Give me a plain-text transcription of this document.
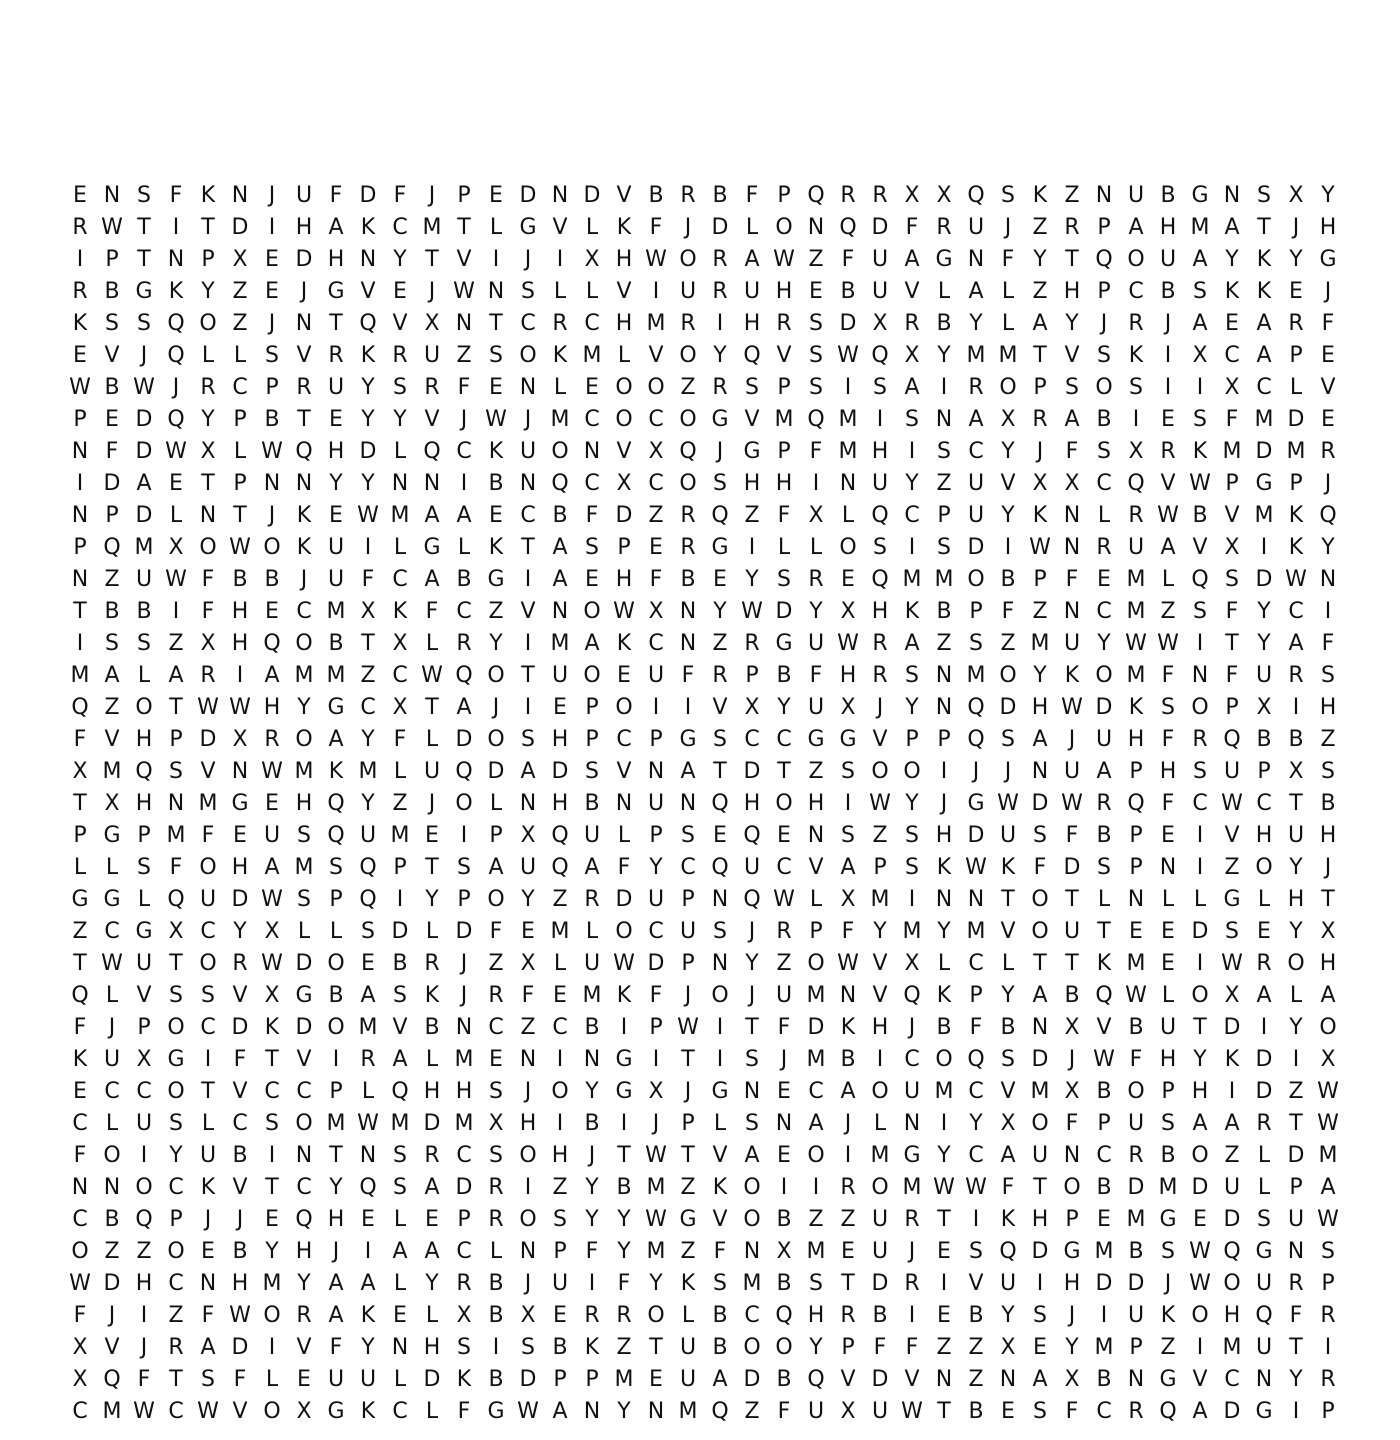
E N S F K N J U F D F	J	P E D N D V B R B F P Q R R X X Q S K Z N U B G N S X Y
R W T	I	T D I H A K C M T L G V L K F	J D L O N Q D F R U J Z R P A H M A T	J H
I	P T N P X E D H N Y T V I	J	I X H W O R A W Z F U A G N F Y T Q O U A Y K Y G
R B G K Y Z E J G V E J W N S L L V I U R U H E B U V L A L Z H P C B S K K E J
K S S Q O Z J N T Q V X N T C R C H M R I H R S D X R B Y L A Y	J R J A E A R F
E V J Q L L S V R K R U Z S O K M L V O Y Q V S W Q X Y M M T V S K I X C A P E
W B W J R C P R U Y S R F E N L E O O Z R S P S I S A I R O P S O S I	I X C L V
P E D Q Y P B T E Y Y V J W J M C O C O G V M Q M I S N A X R A B I E S F M D E
N F D W X L W Q H D L Q C K U O N V X Q J G P F M H I S C Y	J	F S X R K M D M R
I D A E T P N N Y Y N N I B N Q C X C O S H H I N U Y Z U V X X C Q V W P G P	J
N P D L N T	J K E W M A A E C B F D Z R Q Z F X L Q C P U Y K N L R W B V M K Q
P Q M X O W O K U I	L G L K T A S P E R G I	L L O S I S D I W N R U A V X I K Y
N Z U W F B B J U F C A B G I A E H F B E Y S R E Q M M O B P F E M L Q S D W N
T B B I	F H E C M X K F C Z V N O W X N Y W D Y X H K B P F Z N C M Z S F Y C I
I S S Z X H Q O B T X L R Y	I M A K C N Z R G U W R A Z S Z M U Y W W I	T Y A F
M A L A R I A M M Z C W Q O T U O E U F R P B F H R S N M O Y K O M F N F U R S
Q Z O T W W H Y G C X T A J	I E P O I	I V X Y U X J	Y N Q D H W D K S O P X I H
F V H P D X R O A Y F L D O S H P C P G S C C G G V P P Q S A J U H F R Q B B Z
X M Q S V N W M K M L U Q D A D S V N A T D T Z S O O I	J	J N U A P H S U P X S
T X H N M G E H Q Y Z J O L N H B N U N Q H O H I W Y	J G W D W R Q F C W C T B
P G P M F E U S Q U M E I	P X Q U L P S E Q E N S Z S H D U S F B P E I V H U H
L L S F O H A M S Q P T S A U Q A F Y C Q U C V A P S K W K F D S P N I Z O Y	J
G G L Q U D W S P Q I	Y P O Y Z R D U P N Q W L X M I N N T O T L N L L G L H T
Z C G X C Y X L L S D L D F E M L O C U S J R P F Y M Y M V O U T E E D S E Y X
T W U T O R W D O E B R J Z X L U W D P N Y Z O W V X L C L T T K M E I W R O H
Q L V S S V X G B A S K J R F E M K F	J O J U M N V Q K P Y A B Q W L O X A L A
F	J	P O C D K D O M V B N C Z C B I	P W I	T F D K H J B F B N X V B U T D I	Y O
K U X G I	F T V I R A L M E N I N G I	T	I S J M B I C O Q S D J W F H Y K D I X
E C C O T V C C P L Q H H S J O Y G X J G N E C A O U M C V M X B O P H I D Z W
C L U S L C S O M W M D M X H I B I	J	P L S N A J	L N I	Y X O F P U S A A R T W
F O I	Y U B I N T N S R C S O H J	T W T V A E O I M G Y C A U N C R B O Z L D M
N N O C K V T C Y Q S A D R I Z Y B M Z K O I	I R O M W W F T O B D M D U L P A
C B Q P	J	J E Q H E L E P R O S Y Y W G V O B Z Z U R T	I K H P E M G E D S U W
O Z Z O E B Y H J	I A A C L N P F Y M Z F N X M E U J E S Q D G M B S W Q G N S
W D H C N H M Y A A L Y R B J U I	F Y K S M B S T D R I V U I H D D J W O U R P
F	J	I Z F W O R A K E L X B X E R R O L B C Q H R B I E B Y S J	I U K O H Q F R
X V J R A D I V F Y N H S I S B K Z T U B O O Y P F F Z Z X E Y M P Z I M U T	I
X Q F T S F L E U U L D K B D P P M E U A D B Q V D V N Z N A X B N G V C N Y R
C M W C W V O X G K C L F G W A N Y N M Q Z F U X U W T B E S F C R Q A D G I	P
